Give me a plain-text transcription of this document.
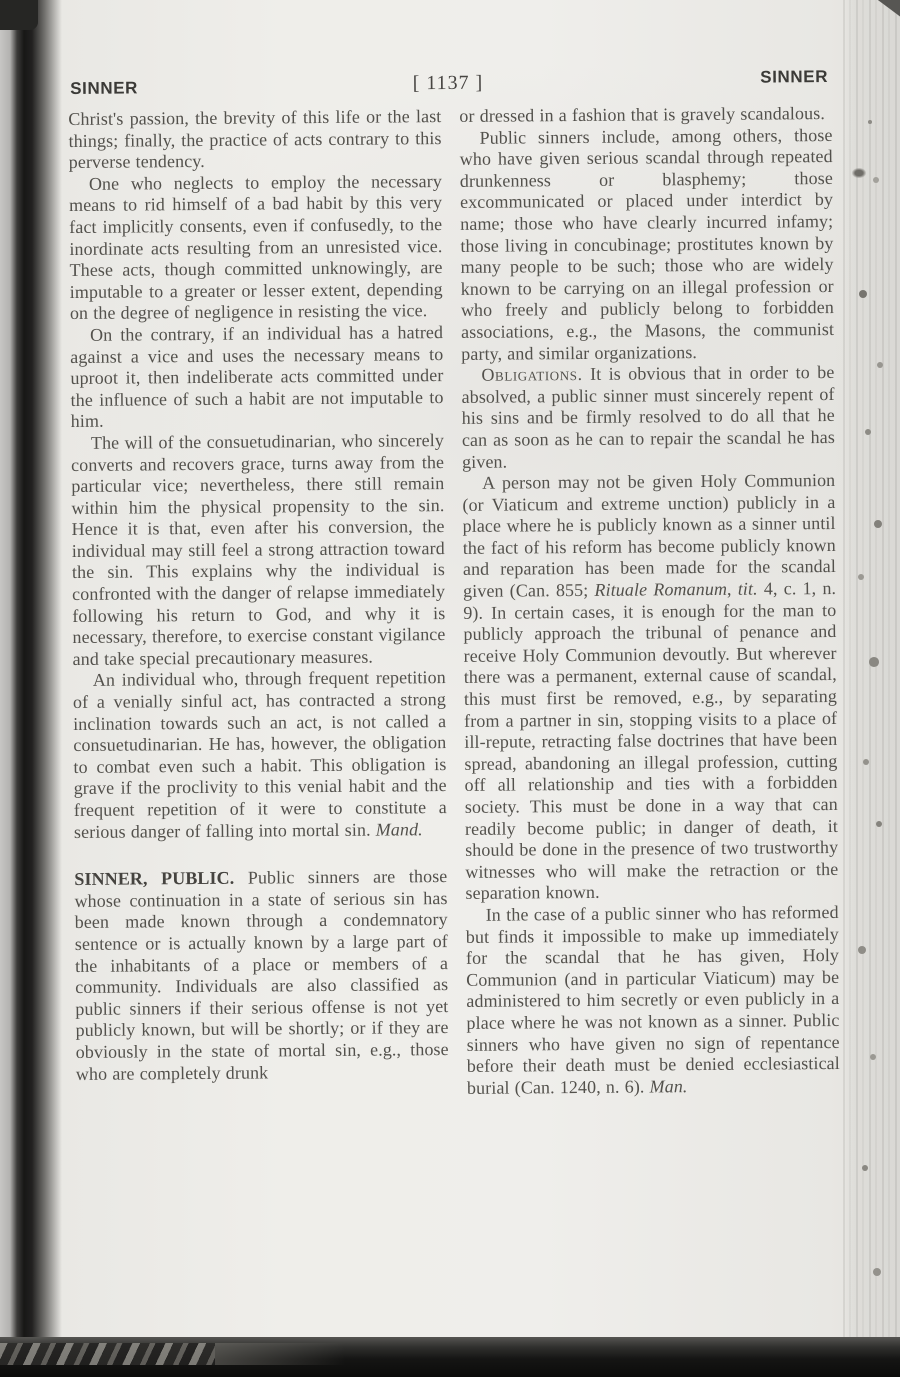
SINNER	[ 1137 ]	SINNER

Christ's passion, the brevity of this life or the last things; finally, the practice of acts contrary to this perverse tendency.

One who neglects to employ the necessary means to rid himself of a bad habit by this very fact implicitly consents, even if confusedly, to the inordinate acts resulting from an unresisted vice. These acts, though committed unknowingly, are imputable to a greater or lesser extent, depending on the degree of negligence in resisting the vice.

On the contrary, if an individual has a hatred against a vice and uses the necessary means to uproot it, then indeliberate acts committed under the influence of such a habit are not imputable to him.

The will of the consuetudinarian, who sincerely converts and recovers grace, turns away from the particular vice; nevertheless, there still remain within him the physical propensity to the sin. Hence it is that, even after his conversion, the individual may still feel a strong attraction toward the sin. This explains why the individual is confronted with the danger of relapse immediately following his return to God, and why it is necessary, therefore, to exercise constant vigilance and take special precautionary measures.

An individual who, through frequent repetition of a venially sinful act, has contracted a strong inclination towards such an act, is not called a consuetudinarian. He has, however, the obligation to combat even such a habit. This obligation is grave if the proclivity to this venial habit and the frequent repetition of it were to constitute a serious danger of falling into mortal sin. Mand.

SINNER, PUBLIC. Public sinners are those whose continuation in a state of serious sin has been made known through a condemnatory sentence or is actually known by a large part of the inhabitants of a place or members of a community. Individuals are also classified as public sinners if their serious offense is not yet publicly known, but will be shortly; or if they are obviously in the state of mortal sin, e.g., those who are completely drunk

or dressed in a fashion that is gravely scandalous.

Public sinners include, among others, those who have given serious scandal through repeated drunkenness or blasphemy; those excommunicated or placed under interdict by name; those who have clearly incurred infamy; those living in concubinage; prostitutes known by many people to be such; those who are widely known to be carrying on an illegal profession or who freely and publicly belong to forbidden associations, e.g., the Masons, the communist party, and similar organizations.

Obligations. It is obvious that in order to be absolved, a public sinner must sincerely repent of his sins and be firmly resolved to do all that he can as soon as he can to repair the scandal he has given.

A person may not be given Holy Communion (or Viaticum and extreme unction) publicly in a place where he is publicly known as a sinner until the fact of his reform has become publicly known and reparation has been made for the scandal given (Can. 855; Rituale Romanum, tit. 4, c. 1, n. 9). In certain cases, it is enough for the man to publicly approach the tribunal of penance and receive Holy Communion devoutly. But wherever there was a permanent, external cause of scandal, this must first be removed, e.g., by separating from a partner in sin, stopping visits to a place of ill-repute, retracting false doctrines that have been spread, abandoning an illegal profession, cutting off all relationship and ties with a forbidden society. This must be done in a way that can readily become public; in danger of death, it should be done in the presence of two trustworthy witnesses who will make the retraction or the separation known.

In the case of a public sinner who has reformed but finds it impossible to make up immediately for the scandal that he has given, Holy Communion (and in particular Viaticum) may be administered to him secretly or even publicly in a place where he was not known as a sinner. Public sinners who have given no sign of repentance before their death must be denied ecclesiastical burial (Can. 1240, n. 6). Man.
